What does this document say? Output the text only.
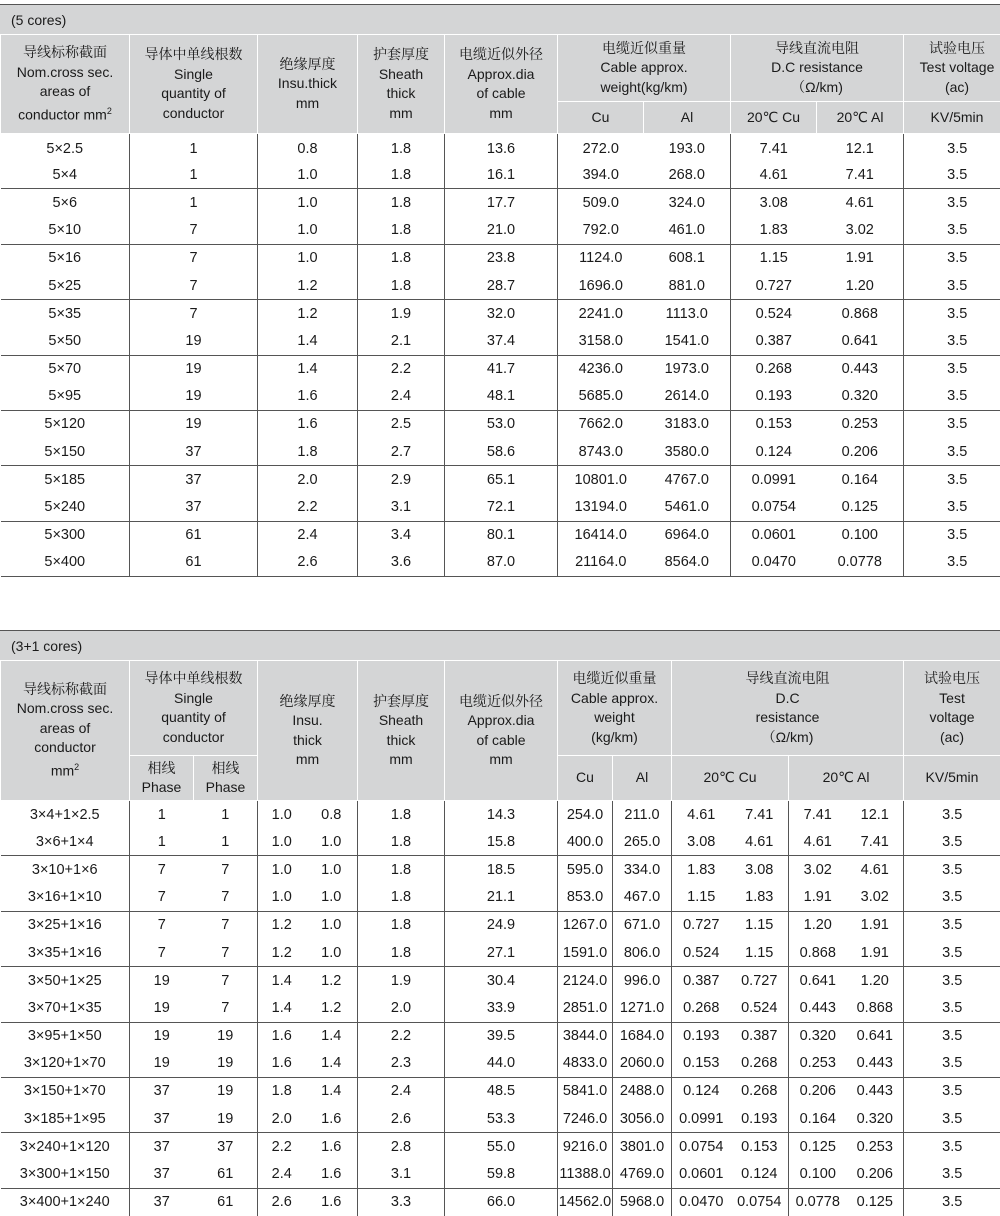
(5 cores)
导线标称截面
Nom.cross sec.
areas of
conductor $mm^2$	导体中单线根数
Single
quantity of
conductor	绝缘厚度
Insu.thick
mm	护套厚度
Sheath
thick
mm	电缆近似外径
Approx.dia
of cable
mm	电缆近似重量
Cable approx.
weight(kg/km)		导线直流电阻
D.C resistance
（Ω/km)		试验电压
Test voltage
(ac)
					Cu	Al	20℃ Cu	20℃ Al	KV/5min
5×2.5	1	0.8	1.8	13.6	272.0	193.0	7.41	12.1	3.5
5×4	1	1.0	1.8	16.1	394.0	268.0	4.61	7.41	3.5
5×6	1	1.0	1.8	17.7	509.0	324.0	3.08	4.61	3.5
5×10	7	1.0	1.8	21.0	792.0	461.0	1.83	3.02	3.5
5×16	7	1.0	1.8	23.8	1124.0	608.1	1.15	1.91	3.5
5×25	7	1.2	1.8	28.7	1696.0	881.0	0.727	1.20	3.5
5×35	7	1.2	1.9	32.0	2241.0	1113.0	0.524	0.868	3.5
5×50	19	1.4	2.1	37.4	3158.0	1541.0	0.387	0.641	3.5
5×70	19	1.4	2.2	41.7	4236.0	1973.0	0.268	0.443	3.5
5×95	19	1.6	2.4	48.1	5685.0	2614.0	0.193	0.320	3.5
5×120	19	1.6	2.5	53.0	7662.0	3183.0	0.153	0.253	3.5
5×150	37	1.8	2.7	58.6	8743.0	3580.0	0.124	0.206	3.5
5×185	37	2.0	2.9	65.1	10801.0	4767.0	0.0991	0.164	3.5
5×240	37	2.2	3.1	72.1	13194.0	5461.0	0.0754	0.125	3.5
5×300	61	2.4	3.4	80.1	16414.0	6964.0	0.0601	0.100	3.5
5×400	61	2.6	3.6	87.0	21164.0	8564.0	0.0470	0.0778	3.5
(3+1 cores)
导线标称截面
Nom.cross sec.
areas of
conductor
$mm^2$	导体中单线根数
Single
quantity of
conductor		绝缘厚度
Insu.
thick
mm		护套厚度
Sheath
thick
mm	电缆近似外径
Approx.dia
of cable
mm	电缆近似重量
Cable approx.
weight
(kg/km)		导线直流电阻
D.C
resistance
（Ω/km)				试验电压
Test
voltage
(ac)
	相线
Phase	相线
Phase					Cu	Al	20℃ Cu		20℃ Al		KV/5min
3×4+1×2.5	1	1	1.0	0.8	1.8	14.3	254.0	211.0	4.61	7.41	7.41	12.1	3.5
3×6+1×4	1	1	1.0	1.0	1.8	15.8	400.0	265.0	3.08	4.61	4.61	7.41	3.5
3×10+1×6	7	7	1.0	1.0	1.8	18.5	595.0	334.0	1.83	3.08	3.02	4.61	3.5
3×16+1×10	7	7	1.0	1.0	1.8	21.1	853.0	467.0	1.15	1.83	1.91	3.02	3.5
3×25+1×16	7	7	1.2	1.0	1.8	24.9	1267.0	671.0	0.727	1.15	1.20	1.91	3.5
3×35+1×16	7	7	1.2	1.0	1.8	27.1	1591.0	806.0	0.524	1.15	0.868	1.91	3.5
3×50+1×25	19	7	1.4	1.2	1.9	30.4	2124.0	996.0	0.387	0.727	0.641	1.20	3.5
3×70+1×35	19	7	1.4	1.2	2.0	33.9	2851.0	1271.0	0.268	0.524	0.443	0.868	3.5
3×95+1×50	19	19	1.6	1.4	2.2	39.5	3844.0	1684.0	0.193	0.387	0.320	0.641	3.5
3×120+1×70	19	19	1.6	1.4	2.3	44.0	4833.0	2060.0	0.153	0.268	0.253	0.443	3.5
3×150+1×70	37	19	1.8	1.4	2.4	48.5	5841.0	2488.0	0.124	0.268	0.206	0.443	3.5
3×185+1×95	37	19	2.0	1.6	2.6	53.3	7246.0	3056.0	0.0991	0.193	0.164	0.320	3.5
3×240+1×120	37	37	2.2	1.6	2.8	55.0	9216.0	3801.0	0.0754	0.153	0.125	0.253	3.5
3×300+1×150	37	61	2.4	1.6	3.1	59.8	11388.0	4769.0	0.0601	0.124	0.100	0.206	3.5
3×400+1×240	37	61	2.6	1.6	3.3	66.0	14562.0	5968.0	0.0470	0.0754	0.0778	0.125	3.5
